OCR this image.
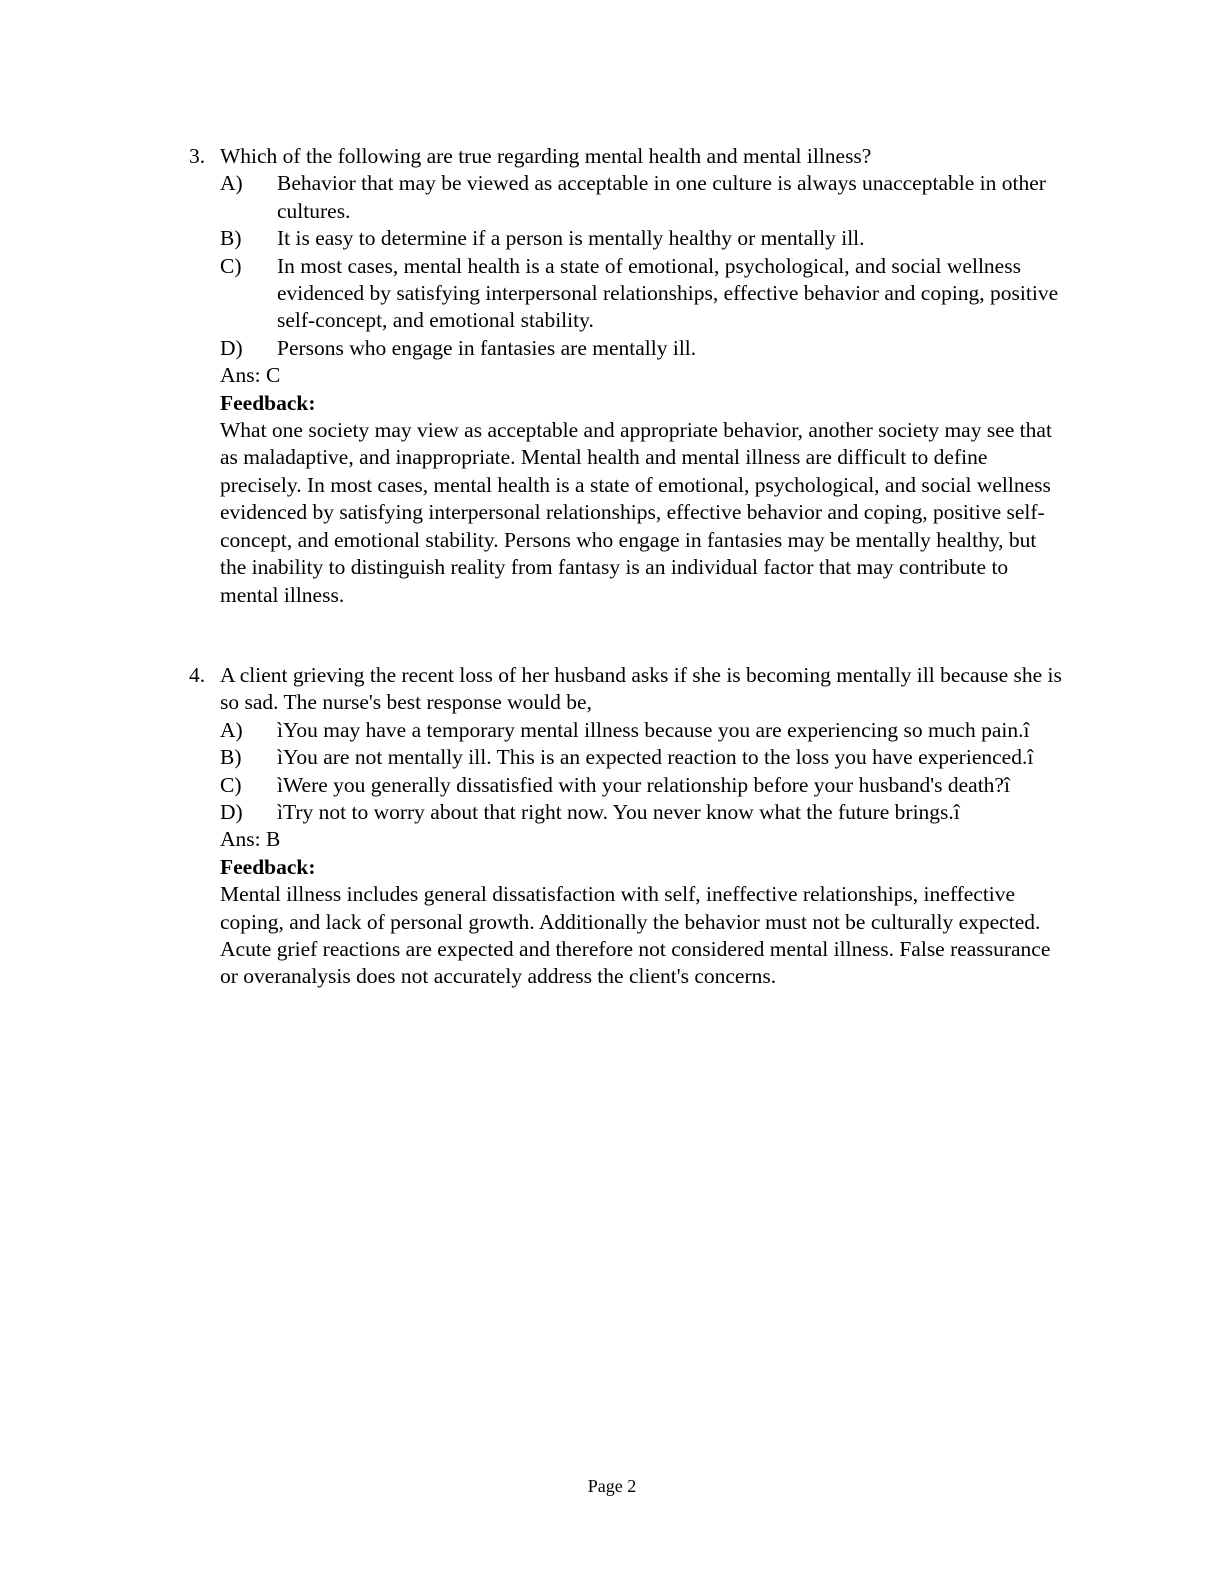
3. Which of the following are true regarding mental health and mental illness?
A)	Behavior that may be viewed as acceptable in one culture is always unacceptable in other cultures.
B)	It is easy to determine if a person is mentally healthy or mentally ill.
C)	In most cases, mental health is a state of emotional, psychological, and social wellness evidenced by satisfying interpersonal relationships, effective behavior and coping, positive self-concept, and emotional stability.
D)	Persons who engage in fantasies are mentally ill.
Ans: C
Feedback:
What one society may view as acceptable and appropriate behavior, another society may see that as maladaptive, and inappropriate. Mental health and mental illness are difficult to define precisely. In most cases, mental health is a state of emotional, psychological, and social wellness evidenced by satisfying interpersonal relationships, effective behavior and coping, positive self-concept, and emotional stability. Persons who engage in fantasies may be mentally healthy, but the inability to distinguish reality from fantasy is an individual factor that may contribute to mental illness.
4. A client grieving the recent loss of her husband asks if she is becoming mentally ill because she is so sad. The nurse's best response would be,
A)	ìYou may have a temporary mental illness because you are experiencing so much pain.î
B)	ìYou are not mentally ill. This is an expected reaction to the loss you have experienced.î
C)	ìWere you generally dissatisfied with your relationship before your husband's death?î
D)	ìTry not to worry about that right now. You never know what the future brings.î
Ans: B
Feedback:
Mental illness includes general dissatisfaction with self, ineffective relationships, ineffective coping, and lack of personal growth. Additionally the behavior must not be culturally expected. Acute grief reactions are expected and therefore not considered mental illness. False reassurance or overanalysis does not accurately address the client's concerns.
Page 2
